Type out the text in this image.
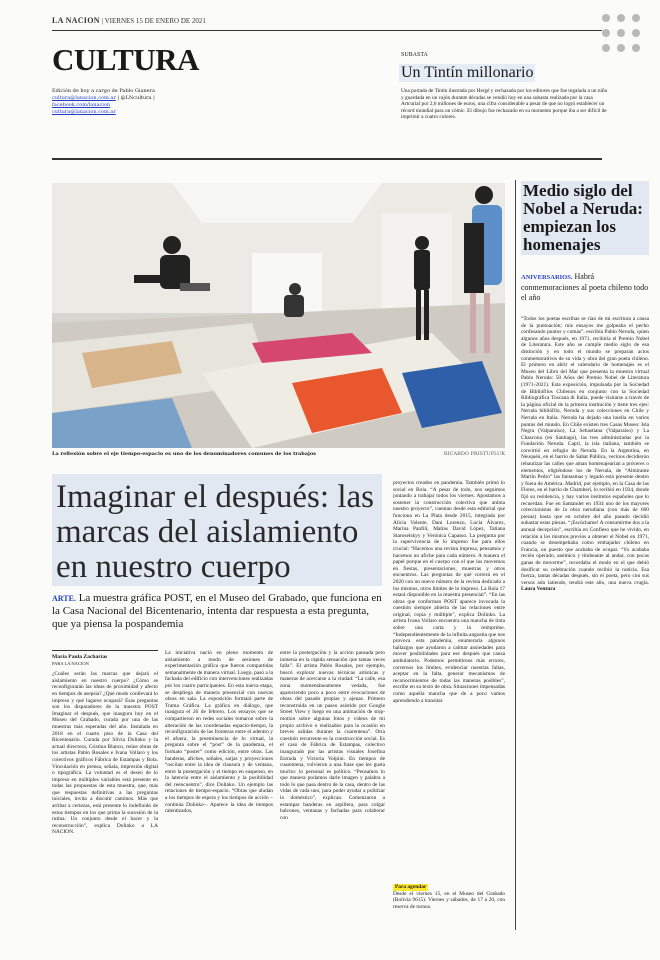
LA NACION | VIERNES 15 DE ENERO DE 2021
CULTURA
Edición de hoy a cargo de Pablo Gianera
cultura@lanacion.com.ar | @LNcultura | facebook.com/lanacion
cultura@lanacion.com.ar
SUBASTA
Un Tintín millonario
Una portada de Tintín ilustrada por Hergé y rechazada por los editores que fue regalada a un niño y guardada en un cajón durante décadas se vendió hoy en una subasta realizada por la casa Artcurial por 2,6 millones de euros, una cifra considerable a pesar de que no logró establecer un récord mundial para un cómic. El dibujo fue rechazado en su momento porque iba a ser difícil de imprimir a cuatro colores.
La reflexión sobre el eje tiempo-espacio es uno de los denominadores comunes de los trabajos	RICARDO PRISTUPLUK
Imaginar el después: las marcas del aislamiento en nuestro cuerpo
ARTE. La muestra gráfica POST, en el Museo del Grabado, que funciona en la Casa Nacional del Bicentenario, intenta dar respuesta a esta pregunta, que ya piensa la pospandemia
María Paula Zacharías
PARA LA NACION
¿Cuáles serán las marcas que dejará el aislamiento en nuestro cuerpo? ¿Cómo se reconfigurarán las ideas de proximidad y afecto en tiempos de asepsia? ¿Qué modo conllevará lo impreso y qué lugares ocupará? Esas preguntas son los disparadores de la muestra POST Imaginar el después, que inaugura hoy en el Museo del Grabado, curada por una de las muestras más esperadas del año. Instalada en 2018 en el cuarto piso de la Casa del Bicentenario. Curada por Silvia Dolinko y la actual directora, Cristina Blanco, reúne obras de los artistas Pablo Rosales e Ivana Vollaro y los colectivos gráficos Fábrica de Estampas y Bola. Vinculación en prensa, señala, impresión digital o tipográfica. La voluntad es el deseo de lo impreso en múltiples variables está presente en todas las propuestas de esta muestra, que, más que respuestas definitivas a las preguntas iniciales, invita a discutir caminos. Más que arribar a certezas, está presente lo indefinido de estos tiempos en los que prima la sucesión de la rutina. Un conjunto desde el hacer y la reconstrucción”, explica Dolinko a LA NACION.
La iniciativa nació en pleno momento de aislamiento a modo de sesiones de experimentación gráfica que fueron compartidas semanalmente de manera virtual. Luego, pasó a la fachada del edificio con intervenciones realizadas por los cuatro participantes. En esta nueva etapa, se despliega de manera presencial con nuevas obras en sala. La exposición formará parte de Trama Gráfica. La gráfica en diálogo, que inaugura el 26 de febrero. Los ensayos que se compartieron en redes sociales tomaron sobre la alteración de las coordenadas espacio-tiempo, la reconfiguración de las fronteras entre el adentro y el afuera, la preeminencia de lo virtual, la pregunta sobre el “post” de la pandemia, el formato “poster” como edición, entre otras. Las banderas, afiches, señales, sarjas y proyecciones “oscilan entre la idea de clausura y de ventana, entre la postergación y el tiempo en suspenso, en la latencia entre el aislamiento y la posibilidad del reencuentro”, dice Dolinko. Un ejemplo las relaciones de tiempo-espacio. “Obras que aludan a los tiempos de espera y los tiempos de acción –continúa Dolinko–. Aparece la idea de tiempos ralentizados,
entre la postergación y la acción pausada pero inmersa en la rápida sensación que tantas veces falla”. El artista Pablo Rosales, por ejemplo, buscó explorar nuevas técnicas artísticas y maneras de acercarse a la ciudad: “La calle, esa zona momentáneamente vedada, fue apareciendo poco a poco entre evocaciones de obras del pasado propias y ajenas. Primero reconstruida en un paseo asistido por Google Street View y luego en una animación de stop-motion sobre algunas fotos y videos de mi propio archivo o realizados para la ocasión en breves salidas durante la cuarentena”. Otra cuestión recurrente es la construcción social. Es el caso de Fábrica de Estampas, colectivo inaugurado por las artistas visuales Josefina Estrada y Victoria Volpini. En tiempos de cuarentena, volvieron a una frase que les gusta mucho: lo personal es político. “Pensamos lo que manera podamos darle imagen y palabra a todo lo que pasa dentro de la casa, dentro de las vidas de cada uno, para poder ayudar a politizar lo doméstico”, explican. Comenzaron a estampar banderas en arpillera, para colgar balcones, ventanas y fachadas para colaborar con
proyectos creados en pandemia. También primó lo social en Bola. “A pesar de todo, nos seguimos juntando a trabajar todos los viernes. Apostamos a sostener la construcción colectiva que anima nuestro proyecto”, cuentan desde esta editorial que funciona en La Plata desde 2015, integrada por Alicia Valente, Dani Lorenzo, Lucía Álvarez, Marina Panfili, Matías David López, Tatiana Staroselskyy y Verónica Capasso. La pregunta por la supervivencia de lo impreso fue para ellos crucial: “Hacemos una revista impresa, pensamos y hacemos un afiche para cada número. A manera el papel porque en el cuerpo con el que los movemos en fiestas, presentaciones, muestras y otros encuentros. Las preguntas de qué correrá en el 2020 con un nuevo número de la revista dedicado a los mismos, otros límites de lo impreso. La Bola 17 estará disponible en la muestra presencial”. “En las obras que conforman POST aparece invocada la cuestión siempre abierta de las relaciones entre original, copia y múltiple”, explica Dolinko. La artista Ivana Vollaro encuentra una mancha de tinta sobre una carta y la reimprime. “Independientemente de la infinita angustia que nos provoca esta pandemia, enumeraría algunos hallazgos que ayudaron a calmar ansiedades para mover posibilidades para ese después que cansa ambulatorio. Podemos permitirnos más errores, corrernos los límites, evidenciar nuestras faltas, aceptar en la falta, generar mecanismos de reconocimientos de todas las maneras posibles”, escribe en su texto de obra. Situaciones impensadas como aquella mancha que de a poco vamos aprendiendo a transitar.
Para agendar
Desde el viernes 15, en el Museo del Grabado (Bolivia 9615). Viernes y sábados, de 17 a 20, con reserva de turnos.
Medio siglo del Nobel a Neruda: empiezan los homenajes
ANIVERSARIOS. Habrá conmemoraciones al poeta chileno todo el año
“Todos los poetas escribas se rían de mi escritura a causa de la puntuación; mis ensayos me golpeaba el pecho confesando puntos y comas”, escribía Pablo Neruda, quien algunos años después, en 1971, recibiría el Premio Nobel de Literatura. Este año se cumple medio siglo de esa distinción y en todo el mundo se preparan actos conmemorativos de su vida y obra del gran poeta chileno. El primero en abrir el calendario de homenajes es el Museo del Libro del Mar que presenta la muestra virtual Pablo Neruda: 50 Años del Premio Nobel de Literatura (1971-2021). Esta exposición, impulsada por la Sociedad de Bibliófilos Chilenos en conjunto con la Sociedad Bibliográfica Toscana di Italia, puede visitarse a través de la página oficial de la primera institución y tiene tres ejes: Neruda bibliófilo, Neruda y sus colecciones en Chile y Neruda en Italia. Neruda ha dejado una huella en varios puntos del mundo. En Chile existen tres Casas Museo: Isla Negra (Valparaíso), La Sebastiana (Valparaíso) y La Chascona (en Santiago), las tres administradas por la Fundación Neruda. Capri, la isla italiana, también se convirtió en refugio de Neruda. En la Argentina, en Neuquén, en el barrio de Sabat Pública, vecinos decidieron rebautizar las calles que aman homenajearían a próceres o elementos, eligiéndose los de Neruda, de “Almirante Martín Pedro” las fantasmas y legado está presente dentro y fuera de América. Madrid, por ejemplo, en la Casa de las Flores, en el barrio de Chamberí, lo recibió en 1934, donde fijó su residencia, y hay varios institutos españoles que lo recuerdan. Fue en Santander en 1934 uno de los mayores coleccionistas de la obra nerudiana (con más de 600 piezas) hasta que en octubre del año pasado decidió subastar estas piezas. “¡Escúchame! A consumirme dos a la annual decepción”, escribía en Confieso que he vivido, en relación a los mismos previos a obtener el Nobel en 1971, cuando se desempeñaba como embajador chileno en Francia, un puesto que acababa de ocupar. “Yo acababa recién operado, anémico y titubeante al andar, con pocas ganas de moverme”, recordaba el modo en el que debió dosificar su celebración cuando recibió la noticia. Esa fuerza, tantas décadas después, sin el poeta, pero con sus versos aún latiendo, tendrá este año, una nueva crugía. Laura Ventura
